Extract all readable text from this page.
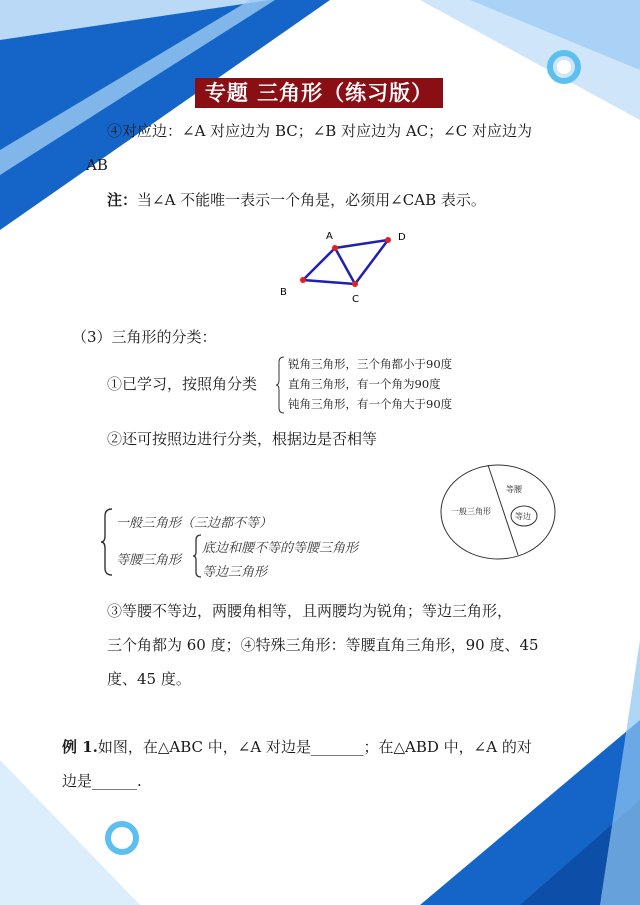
专题 三角形（练习版）
④对应边：∠A 对应边为 BC；∠B 对应边为 AC；∠C 对应边为
AB
注：当∠A 不能唯一表示一个角是，必须用∠CAB 表示。
A
B
C
D
（3）三角形的分类：
①已学习，按照角分类
锐角三角形，三个角都小于90度
直角三角形，有一个角为90度
钝角三角形，有一个角大于90度
②还可按照边进行分类，根据边是否相等
一般三角形
等腰
等边
一般三角形（三边都不等）
等腰三角形
底边和腰不等的等腰三角形
等边三角形
③等腰不等边，两腰角相等，且两腰均为锐角；等边三角形，
三个角都为 60 度；④特殊三角形：等腰直角三角形，90 度、45
度、45 度。
例 1.如图，在△ABC 中，∠A 对边是_______；在△ABD 中，∠A 的对
边是______.
